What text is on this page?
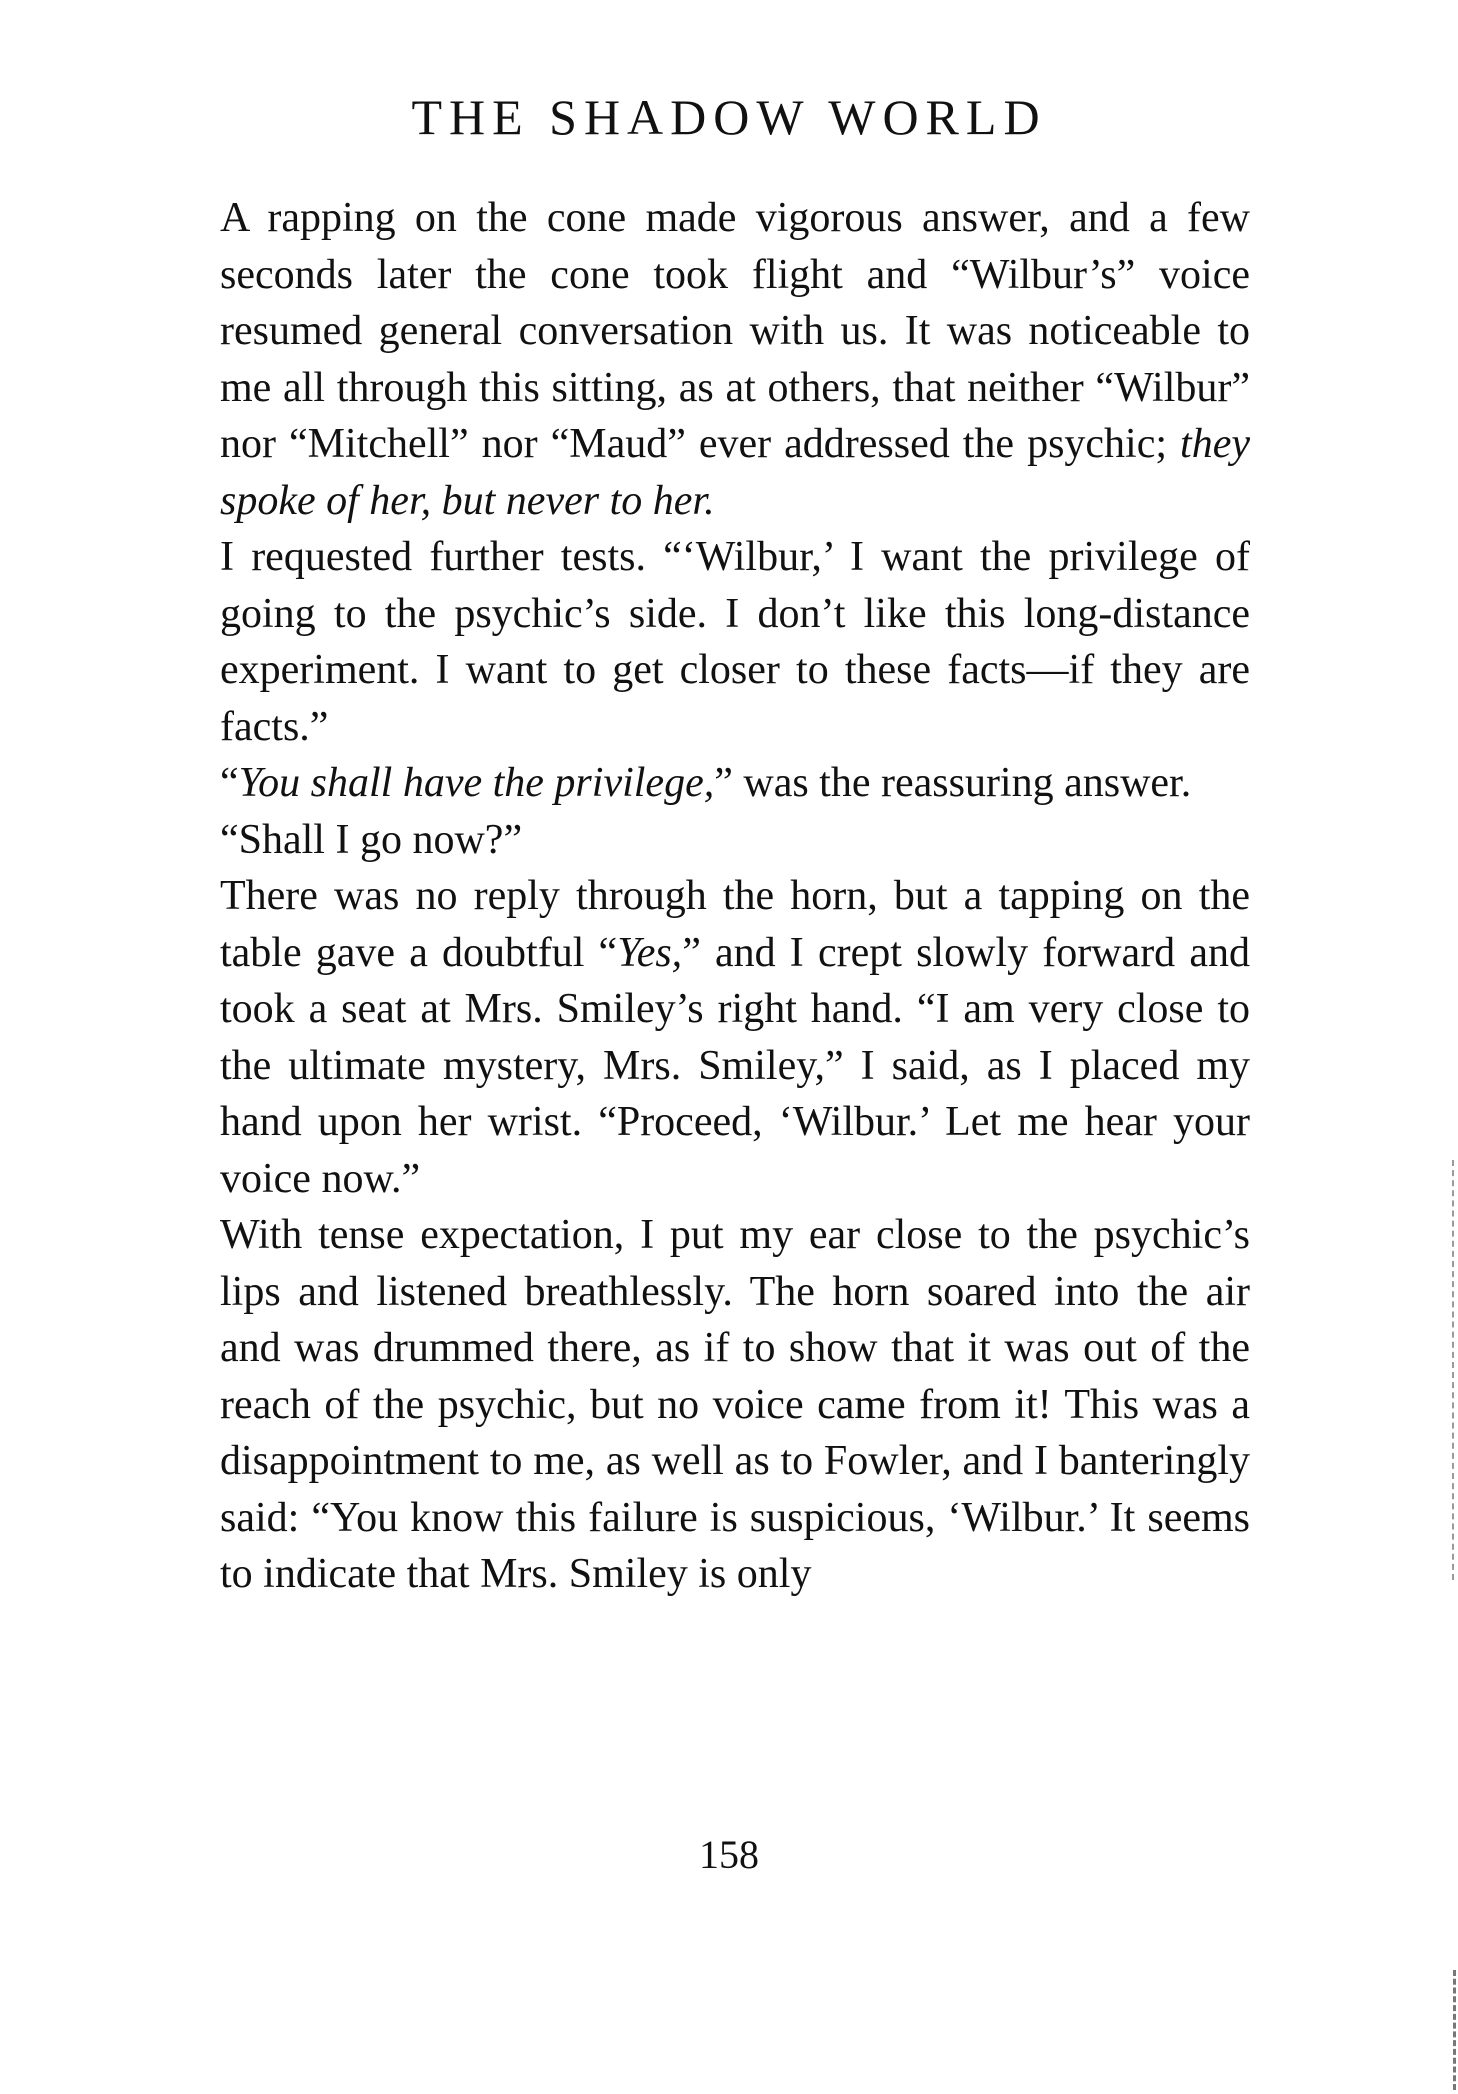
THE SHADOW WORLD

A rapping on the cone made vigorous answer, and a few seconds later the cone took flight and “Wilbur’s” voice resumed general conversation with us. It was noticeable to me all through this sitting, as at others, that neither “Wilbur” nor “Mitchell” nor “Maud” ever addressed the psychic; they spoke of her, but never to her.

I requested further tests. “‘Wilbur,’ I want the privilege of going to the psychic’s side. I don’t like this long-distance experiment. I want to get closer to these facts—if they are facts.”

“You shall have the privilege,” was the reassuring answer.

“Shall I go now?”

There was no reply through the horn, but a tapping on the table gave a doubtful “Yes,” and I crept slowly forward and took a seat at Mrs. Smiley’s right hand. “I am very close to the ultimate mystery, Mrs. Smiley,” I said, as I placed my hand upon her wrist. “Proceed, ‘Wilbur.’ Let me hear your voice now.”

With tense expectation, I put my ear close to the psychic’s lips and listened breathlessly. The horn soared into the air and was drummed there, as if to show that it was out of the reach of the psychic, but no voice came from it! This was a disappointment to me, as well as to Fowler, and I banteringly said: “You know this failure is suspicious, ‘Wilbur.’ It seems to indicate that Mrs. Smiley is only

158
